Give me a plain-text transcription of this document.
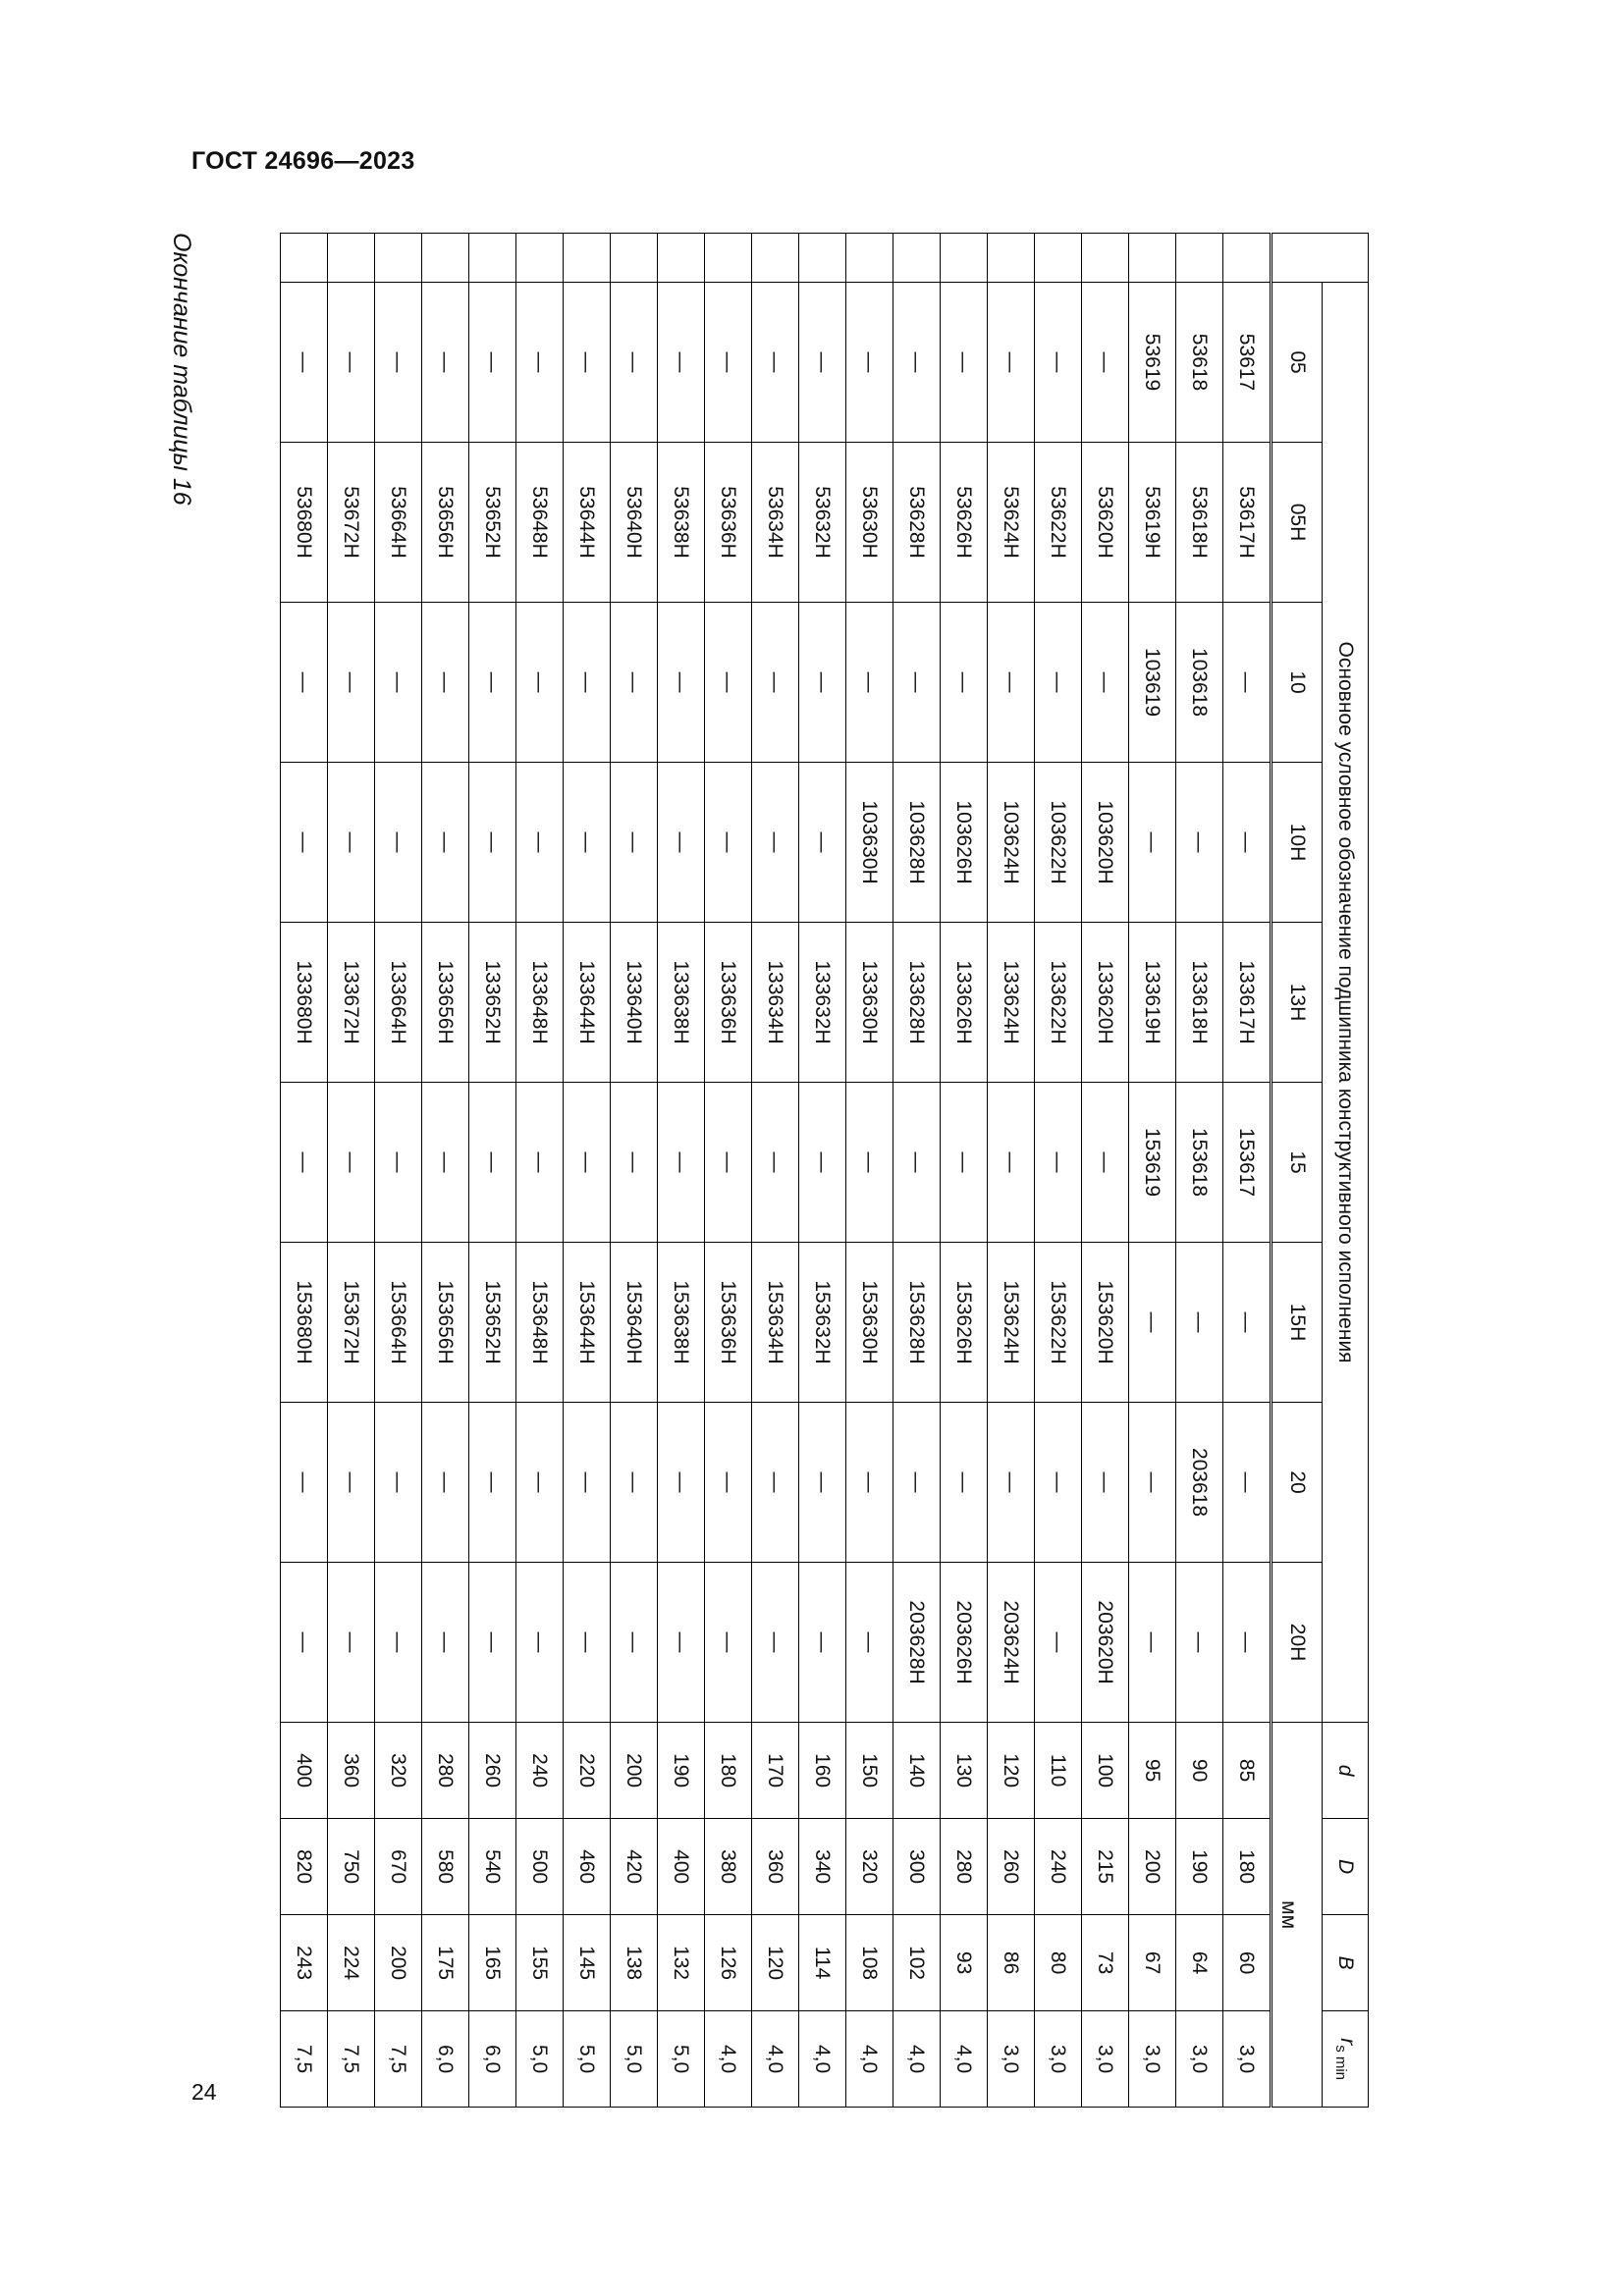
ГОСТ 24696—2023
24
Окончание таблицы 16
	Основное условное обозначение подшипника конструктивного исполнения									d	D	B	$r_{s min}$
	05	05Н	10	10Н	13Н	15	15Н	20	20Н	мм			
	53617	53617Н	—	—	133617Н	153617	—	—	—	85	180	60	3,0
	53618	53618Н	103618	—	133618Н	153618	—	203618	—	90	190	64	3,0
	53619	53619Н	103619	—	133619Н	153619	—	—	—	95	200	67	3,0
	—	53620Н	—	103620Н	133620Н	—	153620Н	—	203620Н	100	215	73	3,0
	—	53622Н	—	103622Н	133622Н	—	153622Н	—	—	110	240	80	3,0
	—	53624Н	—	103624Н	133624Н	—	153624Н	—	203624Н	120	260	86	3,0
	—	53626Н	—	103626Н	133626Н	—	153626Н	—	203626Н	130	280	93	4,0
	—	53628Н	—	103628Н	133628Н	—	153628Н	—	203628Н	140	300	102	4,0
	—	53630Н	—	103630Н	133630Н	—	153630Н	—	—	150	320	108	4,0
	—	53632Н	—	—	133632Н	—	153632Н	—	—	160	340	114	4,0
	—	53634Н	—	—	133634Н	—	153634Н	—	—	170	360	120	4,0
	—	53636Н	—	—	133636Н	—	153636Н	—	—	180	380	126	4,0
	—	53638Н	—	—	133638Н	—	153638Н	—	—	190	400	132	5,0
	—	53640Н	—	—	133640Н	—	153640Н	—	—	200	420	138	5,0
	—	53644Н	—	—	133644Н	—	153644Н	—	—	220	460	145	5,0
	—	53648Н	—	—	133648Н	—	153648Н	—	—	240	500	155	5,0
	—	53652Н	—	—	133652Н	—	153652Н	—	—	260	540	165	6,0
	—	53656Н	—	—	133656Н	—	153656Н	—	—	280	580	175	6,0
	—	53664Н	—	—	133664Н	—	153664Н	—	—	320	670	200	7,5
	—	53672Н	—	—	133672Н	—	153672Н	—	—	360	750	224	7,5
	—	53680Н	—	—	133680Н	—	153680Н	—	—	400	820	243	7,5
